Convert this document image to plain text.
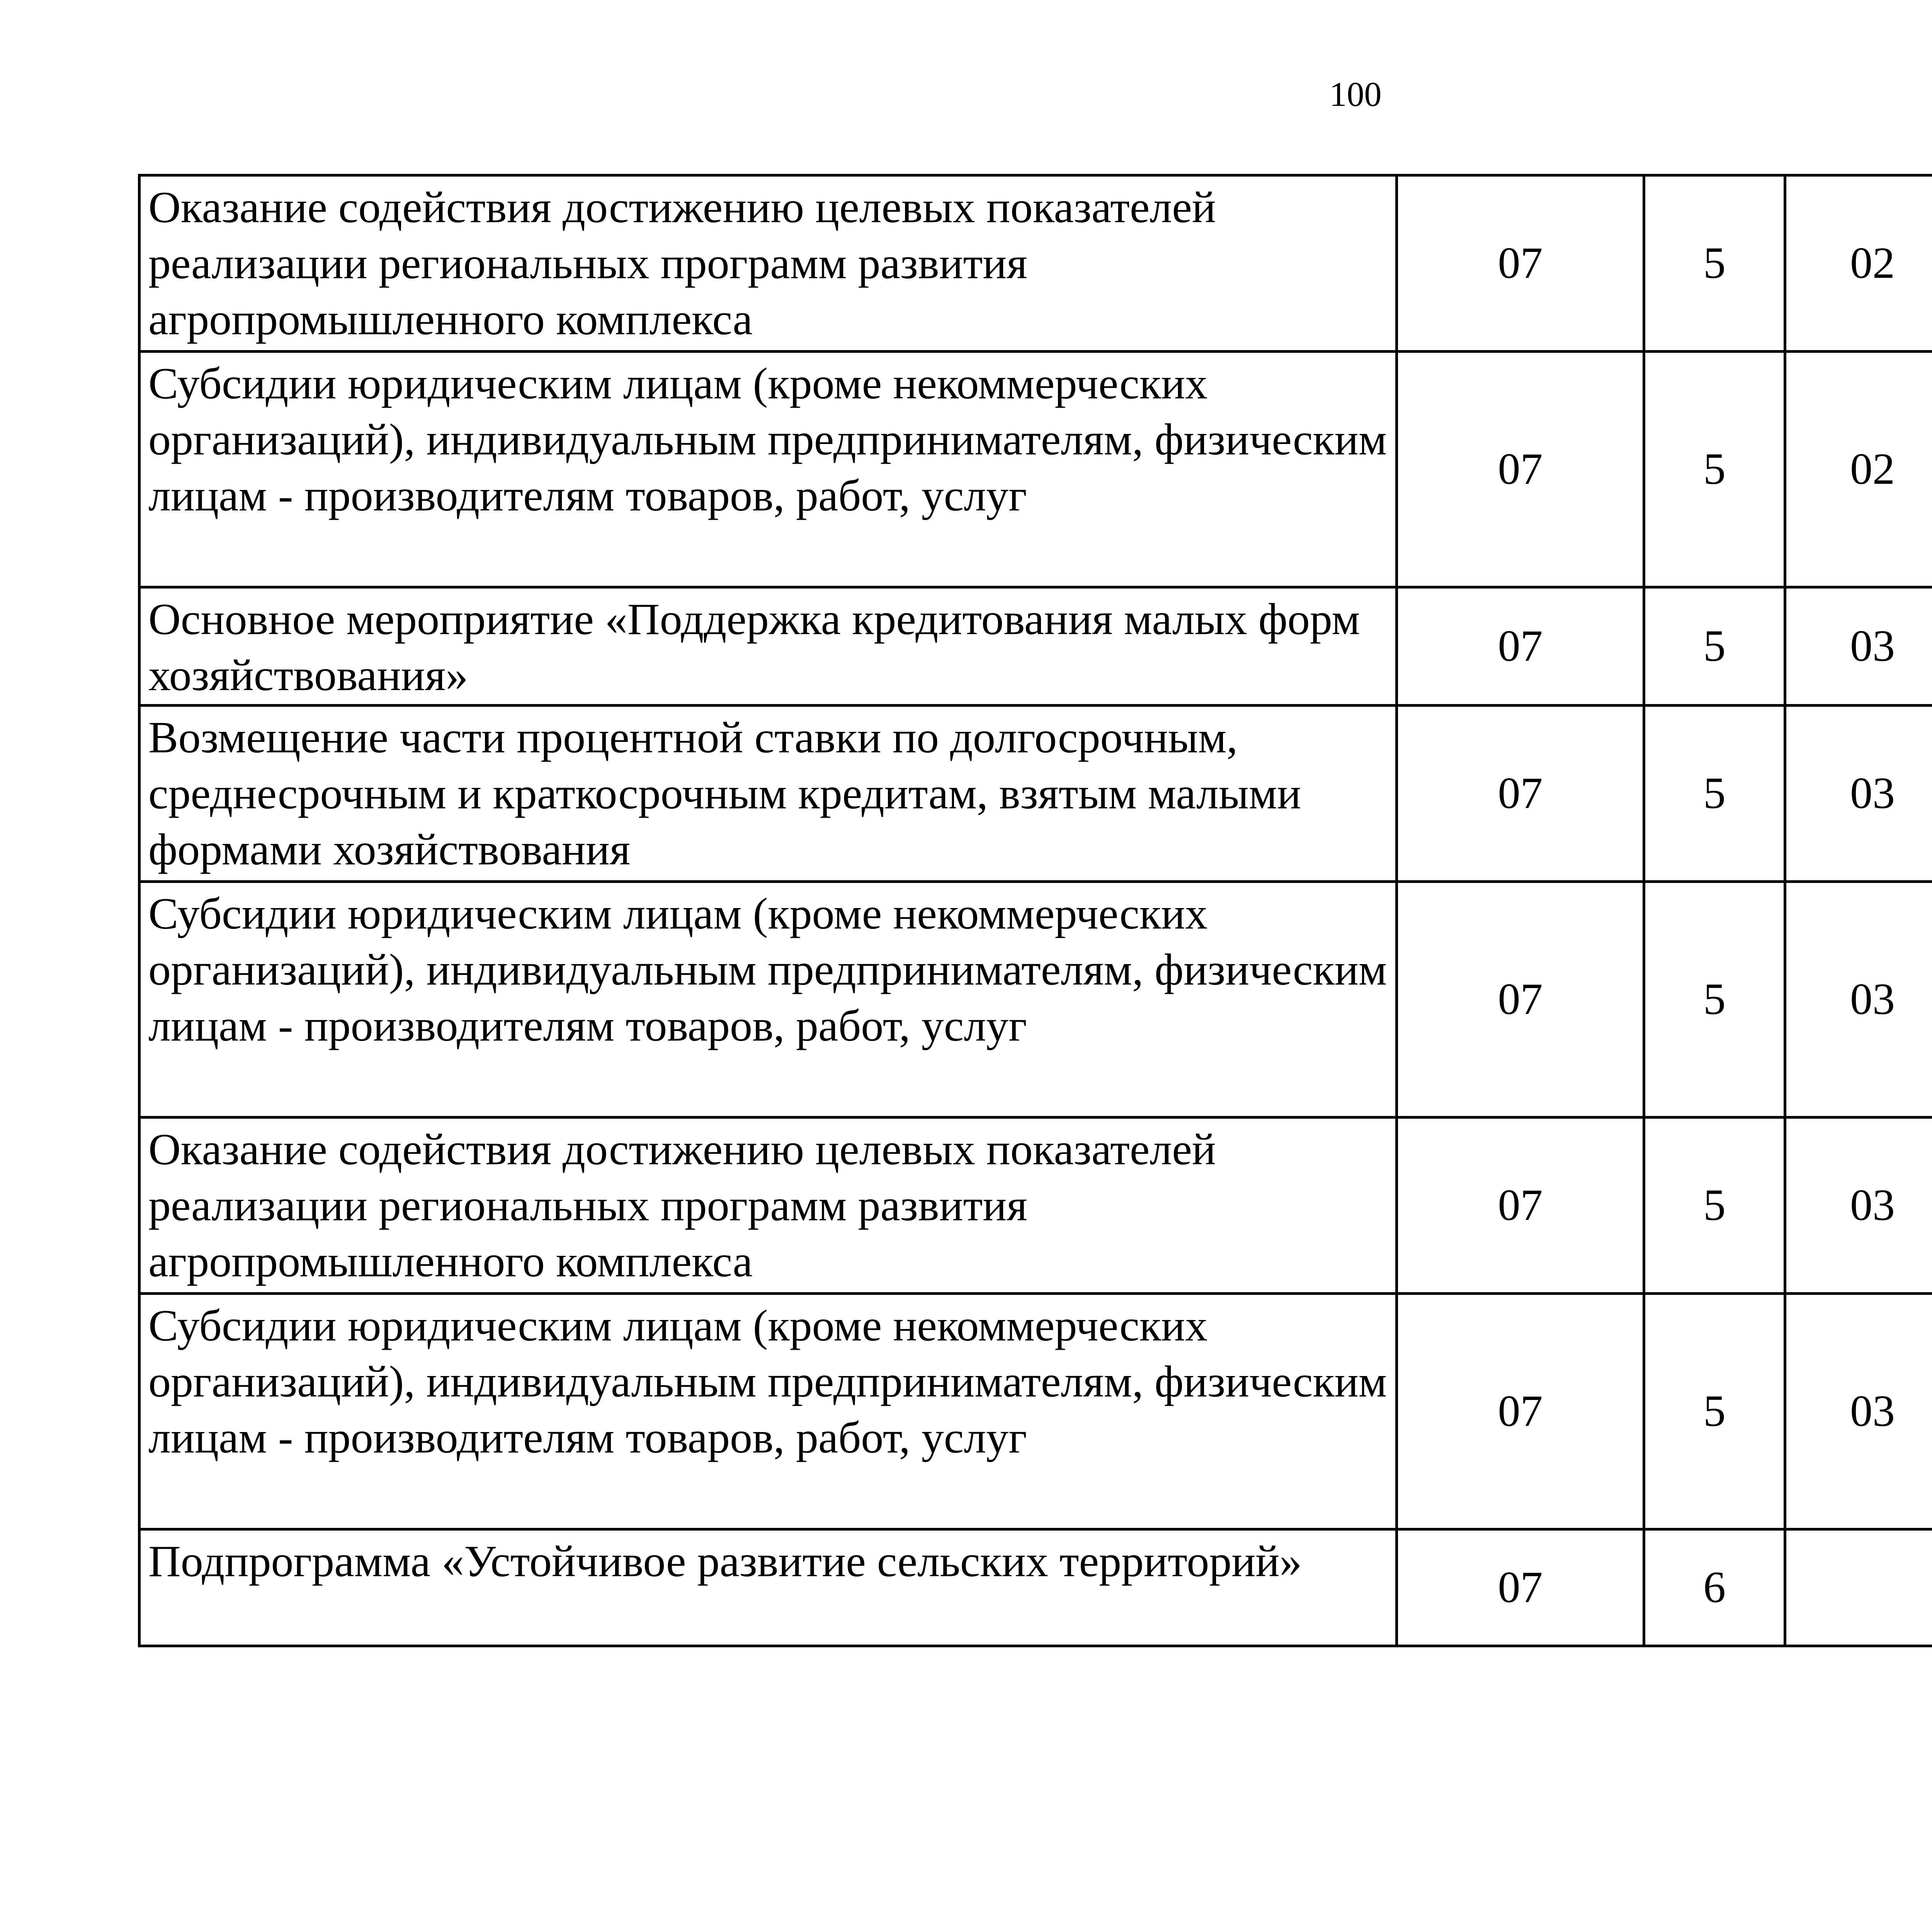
100
Оказание содействия достижению целевых показателей реализации региональных программ развития агропромышленного комплекса	07	5	02			

Субсидии юридическим лицам (кроме некоммерческих организаций), индивидуальным предпринимателям, физическим лицам - производителям товаров, работ, услуг	07	5	02			

Основное мероприятие «Поддержка кредитования малых форм хозяйствования»	07	5	03			

Возмещение части процентной ставки по долгосрочным, среднесрочным и краткосрочным кредитам, взятым малыми формами хозяйствования	07	5	03			

Субсидии юридическим лицам (кроме некоммерческих организаций), индивидуальным предпринимателям, физическим лицам - производителям товаров, работ, услуг	07	5	03			

Оказание содействия достижению целевых показателей реализации региональных программ развития агропромышленного комплекса	07	5	03			

Субсидии юридическим лицам (кроме некоммерческих организаций), индивидуальным предпринимателям, физическим лицам - производителям товаров, работ, услуг	07	5	03			

Подпрограмма «Устойчивое развитие сельских территорий»	07	6				
